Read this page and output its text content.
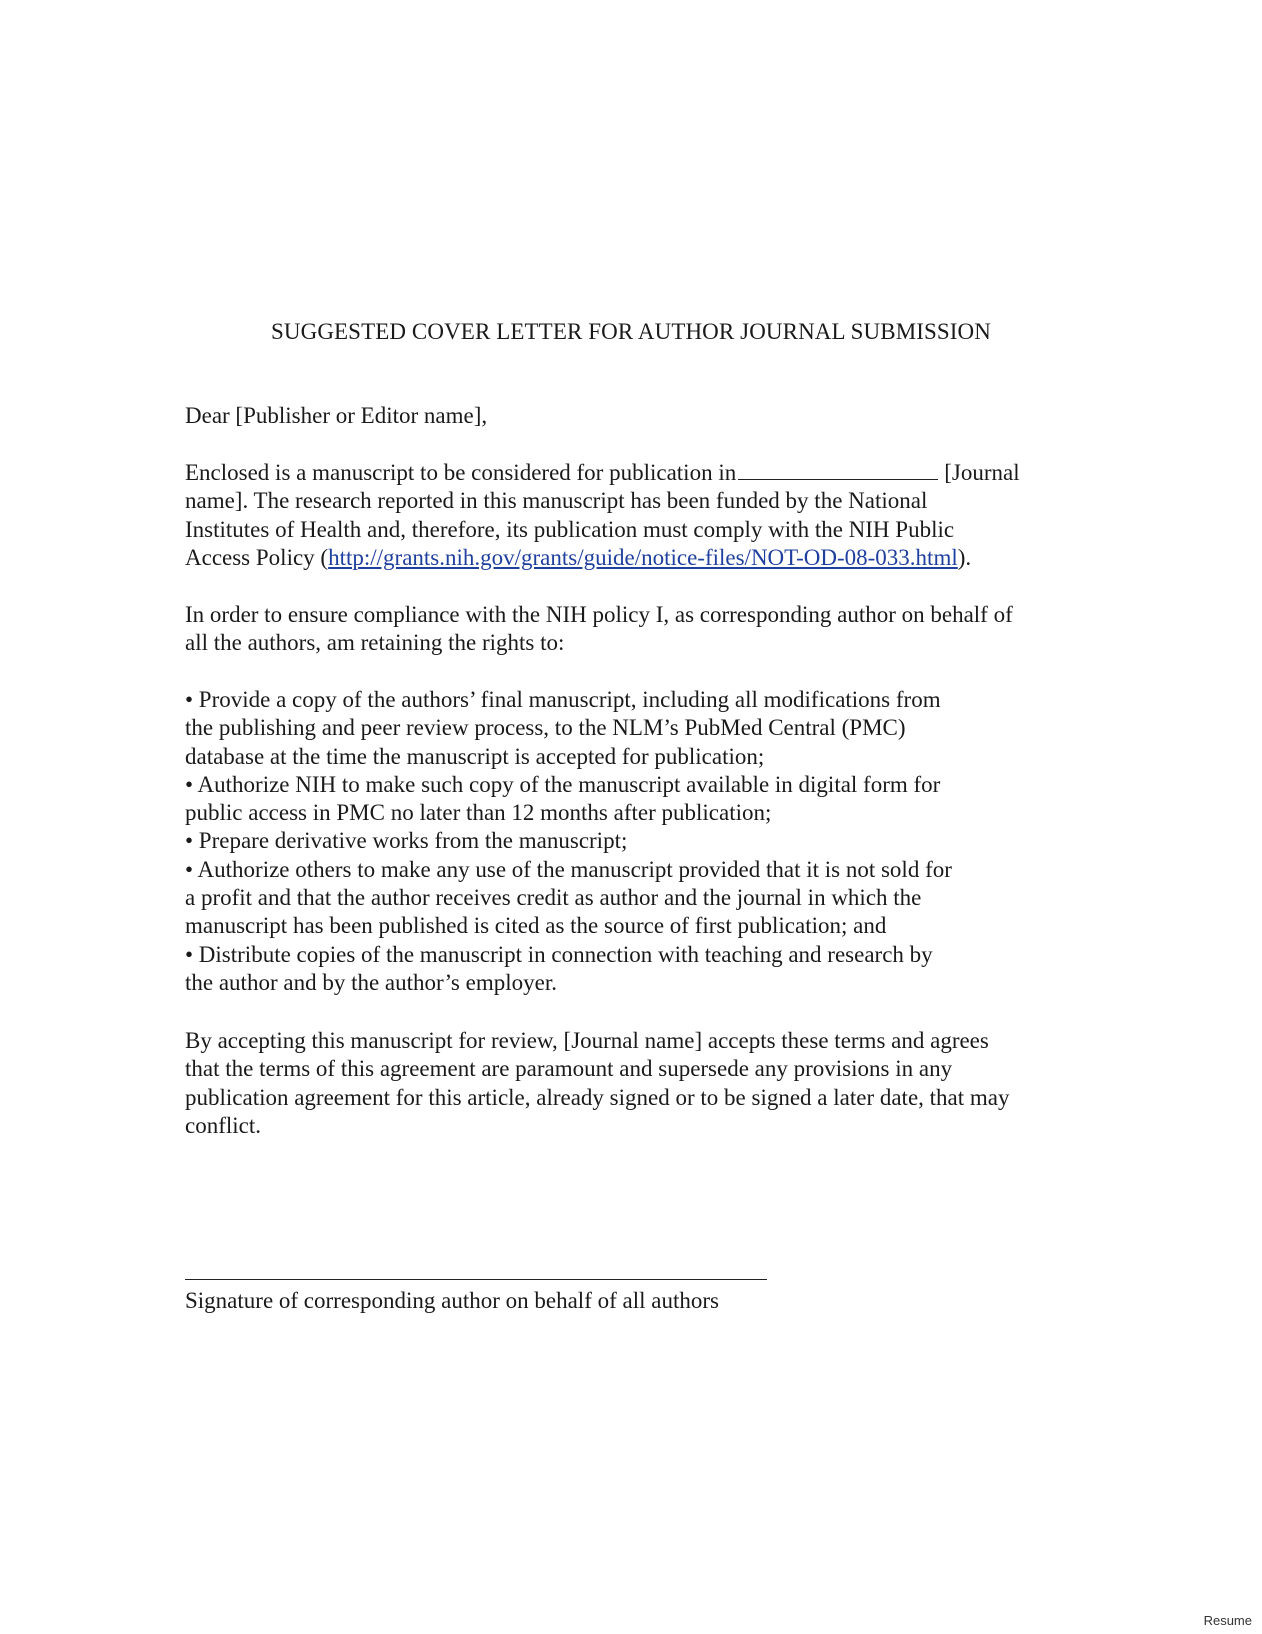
SUGGESTED COVER LETTER FOR AUTHOR JOURNAL SUBMISSION
Dear [Publisher or Editor name],
Enclosed is a manuscript to be considered for publication in	[Journal
name]. The research reported in this manuscript has been funded by the National
Institutes of Health and, therefore, its publication must comply with the NIH Public
Access Policy (http://grants.nih.gov/grants/guide/notice-files/NOT-OD-08-033.html).
In order to ensure compliance with the NIH policy I, as corresponding author on behalf of
all the authors, am retaining the rights to:
• Provide a copy of the authors’ final manuscript, including all modifications from
the publishing and peer review process, to the NLM’s PubMed Central (PMC)
database at the time the manuscript is accepted for publication;
• Authorize NIH to make such copy of the manuscript available in digital form for
public access in PMC no later than 12 months after publication;
• Prepare derivative works from the manuscript;
• Authorize others to make any use of the manuscript provided that it is not sold for
a profit and that the author receives credit as author and the journal in which the
manuscript has been published is cited as the source of first publication; and
• Distribute copies of the manuscript in connection with teaching and research by
the author and by the author’s employer.
By accepting this manuscript for review, [Journal name] accepts these terms and agrees
that the terms of this agreement are paramount and supersede any provisions in any
publication agreement for this article, already signed or to be signed a later date, that may
conflict.
Signature of corresponding author on behalf of all authors
Resume
